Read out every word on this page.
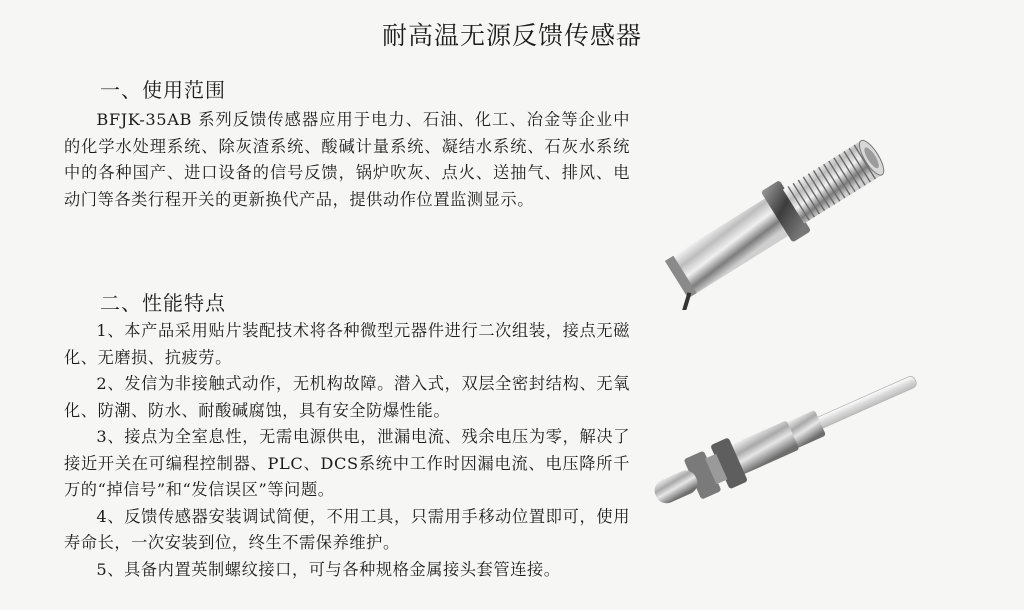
耐高温无源反馈传感器
一、使用范围

BFJK-35AB 系列反馈传感器应用于电力、石油、化工、冶金等企业中的化学水处理系统、除灰渣系统、酸碱计量系统、凝结水系统、石灰水系统中的各种国产、进口设备的信号反馈，锅炉吹灰、点火、送抽气、排风、电动门等各类行程开关的更新换代产品，提供动作位置监测显示。

二、性能特点

1、本产品采用贴片装配技术将各种微型元器件进行二次组装，接点无磁化、无磨损、抗疲劳。

2、发信为非接触式动作，无机构故障。潜入式，双层全密封结构、无氧化、防潮、防水、耐酸碱腐蚀，具有安全防爆性能。

3、接点为全室息性，无需电源供电，泄漏电流、残余电压为零，解决了接近开关在可编程控制器、PLC、DCS系统中工作时因漏电流、电压降所千万的“掉信号”和“发信误区”等问题。

4、反馈传感器安装调试简便，不用工具，只需用手移动位置即可，使用寿命长，一次安装到位，终生不需保养维护。

5、具备内置英制螺纹接口，可与各种规格金属接头套管连接。
